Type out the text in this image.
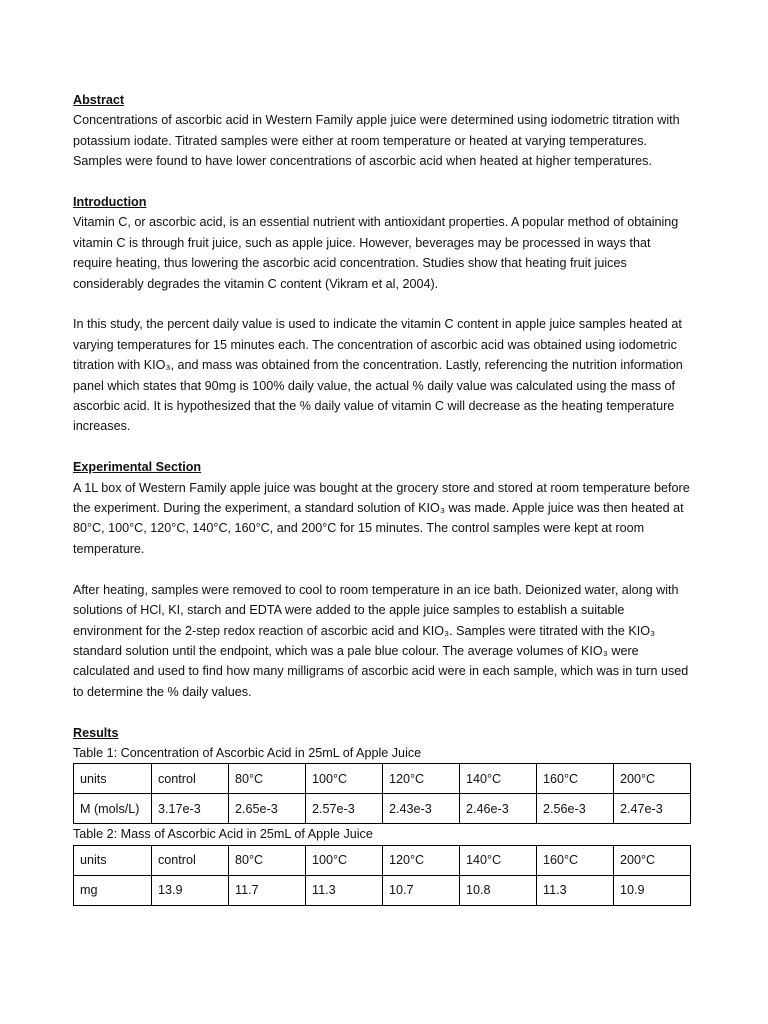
Abstract

Concentrations of ascorbic acid in Western Family apple juice were determined using iodometric titration with potassium iodate. Titrated samples were either at room temperature or heated at varying temperatures. Samples were found to have lower concentrations of ascorbic acid when heated at higher temperatures.

Introduction

Vitamin C, or ascorbic acid, is an essential nutrient with antioxidant properties. A popular method of obtaining vitamin C is through fruit juice, such as apple juice. However, beverages may be processed in ways that require heating, thus lowering the ascorbic acid concentration. Studies show that heating fruit juices considerably degrades the vitamin C content (Vikram et al, 2004).

In this study, the percent daily value is used to indicate the vitamin C content in apple juice samples heated at varying temperatures for 15 minutes each. The concentration of ascorbic acid was obtained using iodometric titration with KIO₃, and mass was obtained from the concentration. Lastly, referencing the nutrition information panel which states that 90mg is 100% daily value, the actual % daily value was calculated using the mass of ascorbic acid. It is hypothesized that the % daily value of vitamin C will decrease as the heating temperature increases.

Experimental Section

A 1L box of Western Family apple juice was bought at the grocery store and stored at room temperature before the experiment. During the experiment, a standard solution of KIO₃ was made. Apple juice was then heated at 80°C, 100°C, 120°C, 140°C, 160°C, and 200°C for 15 minutes. The control samples were kept at room temperature.

After heating, samples were removed to cool to room temperature in an ice bath. Deionized water, along with solutions of HCl, KI, starch and EDTA were added to the apple juice samples to establish a suitable environment for the 2-step redox reaction of ascorbic acid and KIO₃. Samples were titrated with the KIO₃ standard solution until the endpoint, which was a pale blue colour. The average volumes of KIO₃ were calculated and used to find how many milligrams of ascorbic acid were in each sample, which was in turn used to determine the % daily values.

Results

Table 1: Concentration of Ascorbic Acid in 25mL of Apple Juice

units	control	80°C	100°C	120°C	140°C	160°C	200°C
M (mols/L)	3.17e-3	2.65e-3	2.57e-3	2.43e-3	2.46e-3	2.56e-3	2.47e-3

Table 2: Mass of Ascorbic Acid in 25mL of Apple Juice

units	control	80°C	100°C	120°C	140°C	160°C	200°C
mg	13.9	11.7	11.3	10.7	10.8	11.3	10.9
